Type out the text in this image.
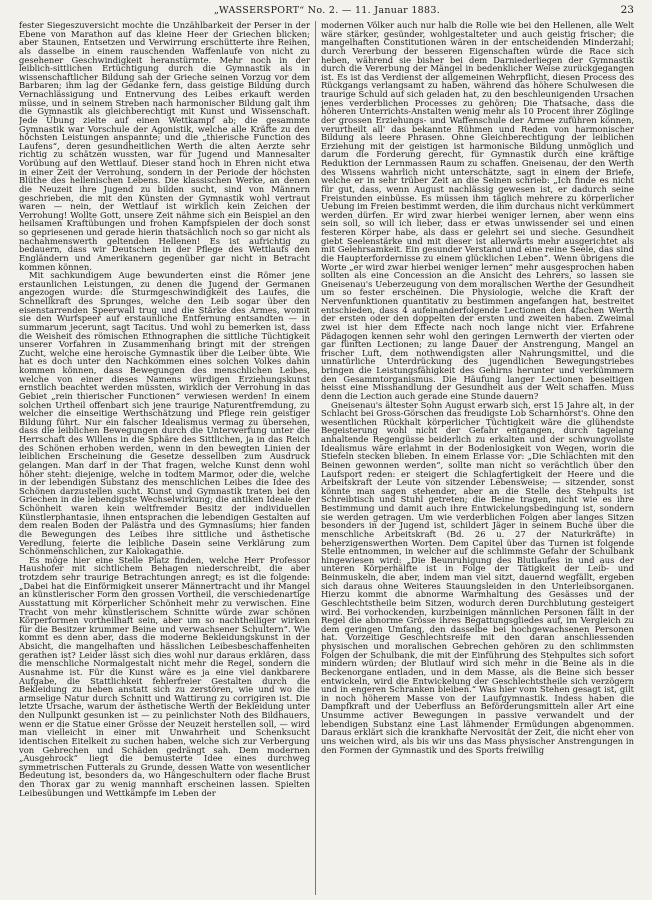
„WASSERSPORT“ No. 2. — 11. Januar 1883.	23

fester Siegeszuversicht mochte die Unzählbarkeit der Perser in der Ebene von Marathon auf das kleine Heer der Griechen blicken; aber Staunen, Entsetzen und Verwirrung erschütterte ihre Reihen, als dasselbe in einem rauschenden Waffenlaufe von nicht zu gesehener Geschwindigkeit heranstürmte. Mehr noch in der leiblich-sittlichen Ertüchtigung durch die Gymnastik als in wissenschaftlicher Bildung sah der Grieche seinen Vorzug vor dem Barbaren; ihm lag der Gedanke fern, dass geistige Bildung durch Vernachlässigung und Entnervung des Leibes erkauft werden müsse, und in seinem Streben nach harmonischer Bildung galt ihm die Gymnastik als gleichberechtigt mit Kunst und Wissenschaft. Jede Übung zielte auf einen Wettkampf ab; die gesammte Gymnastik war Vorschule der Agonistik, welche alle Kräfte zu den höchsten Leistungen anspannte; und die „thierische Function des Laufens“, deren gesundheitlichen Werth die alten Aerzte sehr richtig zu schätzen wussten, war für Jugend und Mannesalter Vorübung auf den Wettlauf. Dieser stand hoch in Ehren nicht etwa in einer Zeit der Verrohung, sondern in der Periode der höchsten Blüthe des hellenischen Lebens. Die klassischen Werke, an denen die Neuzeit ihre Jugend zu bilden sucht, sind von Männern geschrieben, die mit den Künsten der Gymnastik wohl vertraut waren — nein, der Wettlauf ist wirklich kein Zeichen der Verrohung! Wollte Gott, unsere Zeit nähme sich ein Beispiel an den heilsamen Kraftübungen und frohen Kampfspielen der doch sonst so gepriesenen und gerade hierin thatsächlich noch so gar nicht als nachahmenswerth geltenden Hellenen! Es ist aufrichtig zu bedauern, dass wir Deutschen in der Pflege des Wettlaufs den Engländern und Amerikanern gegenüber gar nicht in Betracht kommen können.

Mit sachkundigem Auge bewunderten einst die Römer jene erstaunlichen Leistungen, zu denen die Jugend der Germanen angezogen wurde: die Sturmgeschwindigkeit des Laufes, die Schnellkraft des Sprunges, welche den Leib sogar über den eisenstarrenden Speerwall trug und die Stärke des Armes, womit sie den Wurfspeer auf erstaunliche Entfernung entsandten — in summarum jecerunt, sagt Tacitus. Und wohl zu bemerken ist, dass die Weisheit des römischen Ethnographen die sittliche Tüchtigkeit unserer Vorfahren in Zusammenhang bringt mit der strengen Zucht, welche eine heroische Gymnastik über die Leiber übte. Wie hat es doch unter den Nachkommen eines solchen Volkes dahin kommen können, dass Bewegungen des menschlichen Leibes, welche von einer dieses Namens würdigen Erziehungskunst ernstlich beachtet werden müssten, wirklich der Verrohung in das Gebiet „rein thierischer Functionen“ verwiesen werden! In einem solchen Urtheil offenbart sich jene traurige Naturentfremdung, zu welcher die einseitige Werthschätzung und Pflege rein geistiger Bildung führt. Nur ein falscher Idealismus vermag zu übersehen, dass die leiblichen Bewegungen durch die Unterwerfung unter die Herrschaft des Willens in die Sphäre des Sittlichen, ja in das Reich des Schönen erhoben werden, wenn in den bewegten Linien der leiblichen Erscheinung die Gesetze dessellben zum Ausdruck gelangen. Man darf in der That fragen, welche Kunst denn wohl höher steht: diejenige, welche in todtem Marmor, oder die, welche in der lebendigen Substanz des menschlichen Leibes die Idee des Schönen darzustellen sucht. Kunst und Gymnastik traten bei den Griechen in die lebendigste Wechselwirkung; die antiken Ideale der Schönheit waren kein weltfremder Besitz der individuellen Künstlerphantasie, ihnen entsprachen die lebendigen Gestalten auf dem realen Boden der Palästra und des Gymnasiums; hier fanden die Bewegungen des Leibes ihre sittliche und ästhetische Veredlung, feierte die leibliche Dasein seine Verklärung zum Schönmenschlichen, zur Kalokagathie.

Es möge hier eine Stelle Platz finden, welche Herr Professor Haushofer mit sichtlichem Behagen niederschreibt, die aber trotzdem sehr traurige Betrachtungen anregt; es ist die folgende: „Dabei hat die Einförmigkeit unserer Männertracht und ihr Mangel an künstlerischer Form den grossen Vortheil, die verschiedenartige Ausstattung mit Körperlicher Schönheit mehr zu verwischen. Eine Tracht von mehr künstlerischem Schnitte würde zwar schönen Körperformen vortheilhaft sein, aber um so nachtheiliger wirken für die Besitzer krummer Beine und verwachsener Schultern“. Wie kommt es denn aber, dass die moderne Bekleidungskunst in der Absicht, die mangelhaften und hässlichen Leibesbeschaffenheiten gerathen ist? Leider lässt sich dies wohl nur daraus erklären, dass die menschliche Normalgestalt nicht mehr die Regel, sondern die Ausnahme ist. Für die Kunst wäre es ja eine viel dankbarere Aufgabe, die Stattlichkeit fehlerfreier Gestalten durch die Bekleidung zu heben anstatt sich zu zerstören, wie und wo die armselige Natur durch Schnitt und Wattirung zu corrigiren ist. Die letzte Ursache, warum der ästhetische Werth der Bekleidung unter den Nullpunkt gesunken ist — zu peinlichster Noth des Bildhauers, wenn er die Statue einer Grösse der Neuzeit herstellen soll, — wird man vielleicht in einer mit Unwahrheit und Schenksucht identischen Eitelkeit zu suchen haben, welche sich zur Verbergung von Gebrechen und Schäden gedrängt sah. Dem modernen „Ausgehrock“ liegt die bemusterte Idee eines durchweg symmetrischen Futterals zu Grunde, dessen Watte von wesentlicher Bedeutung ist, besonders da, wo Hängeschultern oder flache Brust den Thorax gar zu wenig mannhaft erscheinen lassen. Spielten Leibesübungen und Wettkämpfe im Leben der

modernen Völker auch nur halb die Rolle wie bei den Hellenen, alle Welt wäre stärker, gesünder, wohlgestalteter und auch geistig frischer; die mangelhaften Constitutionen wären in der entscheidenden Minderzahl; durch Vererbung der besseren Eigenschaften würde die Race sich heben, während sie bisher bei dem Darniederliegen der Gymnastik durch die Vererbung der Mängel in bedenklicher Weise zurückgegangen ist. Es ist das Verdienst der allgemeinen Wehrpflicht, diesen Process des Rückgangs verlangsamt zu haben, während das höhere Schulwesen die traurige Schuld auf sich geladen hat, zu den beschleunigenden Ursachen jenes verderblichen Processes zu gehören; Die Thatsache, dass die höheren Unterrichts-Anstalten wenig mehr als 10 Procent ihrer Zöglinge der grossen Erziehungs- und Waffenschule der Armee zuführen können, verurtheilt all' das bekannte Rühmen und Reden von harmonischer Bildung als leere Phrasen. Ohne Gleichberechtigung der leiblichen Erziehung mit der geistigen ist harmonische Bildung unmöglich und darum die Forderung gerecht, für Gymnastik durch eine kräftige Reduktion der Lernmassen Raum zu schaffen. Gneisenau, der den Werth des Wissens wahrlich nicht unterschätzte, sagt in einem der Briefe, welche er in sehr trüber Zeit an die Seinen schrieb: „Ich finde es nicht für gut, dass, wenn August nachlässig gewesen ist, er dadurch seine Freistunden einbüsse. Es müssen ihm täglich mehrere zu körperlicher Uebung im Freien bestimmt werden, die ihm durchaus nicht verkümmert werden dürfen. Er wird zwar hierbei weniger lernen, aber wenn eins sein soll, so will ich lieber, dass er etwas unwissender sei und einen festeren Körper habe, als dass er gelehrt sei und siechе. Gesundheit giebt Seelenstärke und mit dieser ist allerwärts mehr ausgerichtet als mit Gelehrsamkeit. Ein gesunder Verstand und eine reine Seele, das sind die Haupterfordernisse zu einem glücklichen Leben“. Wenn übrigens die Worte „er wird zwar hierbei weniger lernen“ mehr ausgesprochen haben sollten als eine Concession an die Ansicht des Lehrers, so lassen sie Gneisenau's Ueberzeugung von dem moralischen Werthe der Gesundheit um so fester erscheinen. Die Physiologie, welche die Kraft der Nervenfunktionen quantitativ zu bestimmen angefangen hat, bestreitet entschieden, dass 4 aufeinanderfolgende Lectionen den 4fachen Werth der ersten oder den doppelten der ersten und zweiten haben. Zweimal zwei ist hier dem Effecte nach noch lange nicht vier. Erfahrene Pädagogen kennen sehr wohl den geringen Lernwerth der vierten oder gar fünften Lectionen; zu lange Dauer der Anstrengung, Mangel an frischer Luft, dem nothwendigsten aller Nahrungsmittel, und die unnatürliche Unterdrückung des jugendlichen Bewegungstriebes bringen die Leistungsfähigkeit des Gehirns herunter und verkümmern den Gesammtorganismus. Die Häufung langer Lectionen beseitigen heisst eine Misshandlung der Gesundheit aus der Welt schaffen. Muss denn die Lection auch gerade eine Stunde dauern?

Gneisenau's ältester Sohn August erwarb sich, erst 15 Jahre alt, in der Schlacht bei Gross-Görschen das freudigste Lob Scharnhorst's. Ohne den wesentlichen Rückhalt körperlicher Tüchtigkeit wäre die glühendste Begeisterung wohl nicht der Gefahr entgangen, durch tagelang anhaltende Regengüsse beiderlich zu erkalten und der schwungvollste Idealismus wäre erlahmt in der Bodenlosigkeit von Wegen, worin die Stiefeln stecken blieben. In einem Erlasse vor: „Die Schlachten mit den Beinen gewonnen werden“, sollte man nicht so verächtlich über den Laufsport reden: er steigert die Schlagfertigkeit der Heere und die Arbeitskraft der Leute von sitzender Lebensweise; — sitzender, sonst könnte man sagen stehender, aber an die Stelle des Stehpults ist Schreibtisch und Stuhl getreten; die Beine tragen, nicht wie es ihre Bestimmung und damit auch ihre Entwickelungsbedingung ist, sondern sie werden getragen. Um wie verderblichen Folgen aber langes Sitzen besonders in der Jugend ist, schildert Jäger in seinem Buche über die menschliche Arbeitskraft (Bd. 26 u. 27 der Naturkräfte) in beherzigenswerthen Worten. Dem Capitel über das Turnen ist folgende Stelle entnommen, in welcher auf die schlimmste Gefahr der Schulbank hingewiesen wird: „Die Beunruhigung des Blutlaufes in und aus der unteren Körperhälfte ist in Folge der Tätigkeit der Leib- und Beinmuskeln, die aber, indem man viel sitzt, dauernd wegfällt, ergeben sich daraus ohne Weiteres Stauungsleiden in den Unterleibsorganen. Hierzu kommt die abnorme Warmhaltung des Gesässes und der Geschlechtstheile beim Sitzen, wodurch deren Durchblutung gesteigert wird. Bei vorhockenden, kurzbeinigen männlichen Personen fällt in der Regel die abnorme Grösse ihres Begattungsgliedes auf, im Vergleich zu dem geringen Umfang, den dasselbe bei hochgewachsenen Personen hat. Vorzeitige Geschlechtsreife mit den daran anschliessenden physischen und moralischen Gebrechen gehören zu den schlimmsten Folgen der Schulbank, die mit der Einführung des Stehpultes sich sofort mindern würden; der Blutlauf wird sich mehr in die Beine als in die Beckenorgane entladen, und in dem Masse, als die Beine sich besser entwickeln, wird die Entwickelung der Geschlechtstheile sich verzögern und in engeren Schranken bleiben.“ Was hier vom Stehen gesagt ist, gilt in noch höherem Masse von der Laufgymnastik. Indess haben die Dampfkraft und der Ueberfluss an Beförderungsmitteln aller Art eine Unsumme activer Bewegungen in passive verwandelt und der lebendigen Substanz eine Last lähmender Ermüdungen abgenommen. Daraus erklärt sich die krankhafte Nervosität der Zeit, die nicht eher von uns weichen wird, als bis wir uns das Mass physischer Anstrengungen in den Formen der Gymnastik und des Sports freiwillig
